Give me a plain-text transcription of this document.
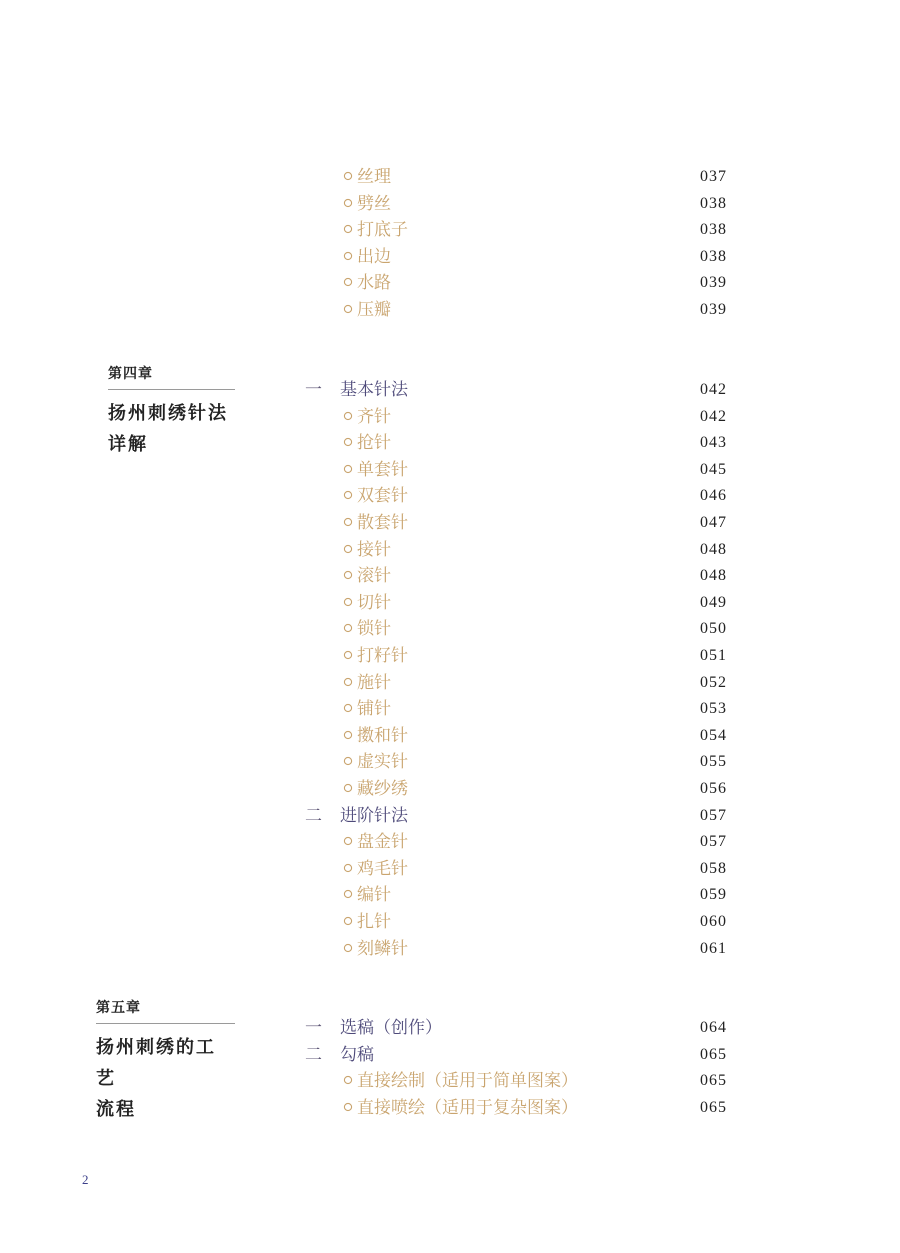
丝理	037
劈丝	038
打底子	038
出边	038
水路	039
压瓣	039
第四章
扬州刺绣针法
详解
一 基本针法	042
齐针	042
抢针	043
单套针	045
双套针	046
散套针	047
接针	048
滚针	048
切针	049
锁针	050
打籽针	051
施针	052
铺针	053
擞和针	054
虚实针	055
藏纱绣	056
二 进阶针法	057
盘金针	057
鸡毛针	058
编针	059
扎针	060
刻鳞针	061
第五章
扬州刺绣的工艺
流程
一 选稿（创作）	064
二 勾稿	065
直接绘制（适用于简单图案）	065
直接喷绘（适用于复杂图案）	065
2
